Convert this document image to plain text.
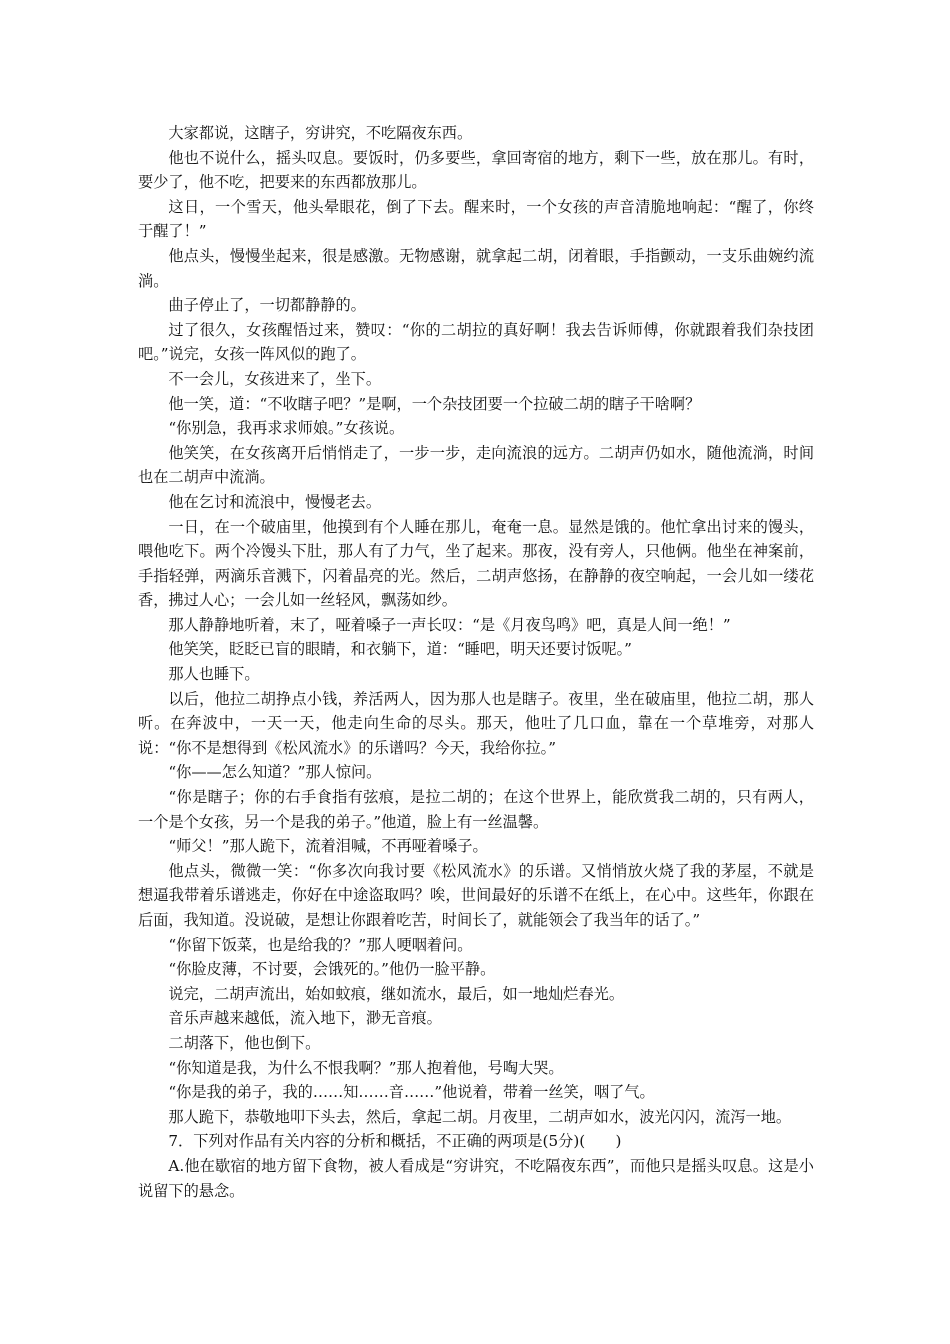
大家都说，这瞎子，穷讲究，不吃隔夜东西。

他也不说什么，摇头叹息。要饭时，仍多要些，拿回寄宿的地方，剩下一些，放在那儿。有时，要少了，他不吃，把要来的东西都放那儿。

这日，一个雪天，他头晕眼花，倒了下去。醒来时，一个女孩的声音清脆地响起：“醒了，你终于醒了！”

他点头，慢慢坐起来，很是感激。无物感谢，就拿起二胡，闭着眼，手指颤动，一支乐曲婉约流淌。

曲子停止了，一切都静静的。

过了很久，女孩醒悟过来，赞叹：“你的二胡拉的真好啊！我去告诉师傅，你就跟着我们杂技团吧。”说完，女孩一阵风似的跑了。

不一会儿，女孩进来了，坐下。

他一笑，道：“不收瞎子吧？”是啊，一个杂技团要一个拉破二胡的瞎子干啥啊？

“你别急，我再求求师娘。”女孩说。

他笑笑，在女孩离开后悄悄走了，一步一步，走向流浪的远方。二胡声仍如水，随他流淌，时间也在二胡声中流淌。

他在乞讨和流浪中，慢慢老去。

一日，在一个破庙里，他摸到有个人睡在那儿，奄奄一息。显然是饿的。他忙拿出讨来的馒头，喂他吃下。两个冷馒头下肚，那人有了力气，坐了起来。那夜，没有旁人，只他俩。他坐在神案前，手指轻弹，两滴乐音溅下，闪着晶亮的光。然后，二胡声悠扬，在静静的夜空响起，一会儿如一缕花香，拂过人心；一会儿如一丝轻风，飘荡如纱。

那人静静地听着，末了，哑着嗓子一声长叹：“是《月夜鸟鸣》吧，真是人间一绝！”

他笑笑，眨眨已盲的眼睛，和衣躺下，道：“睡吧，明天还要讨饭呢。”

那人也睡下。

以后，他拉二胡挣点小钱，养活两人，因为那人也是瞎子。夜里，坐在破庙里，他拉二胡，那人听。在奔波中，一天一天，他走向生命的尽头。那天，他吐了几口血，靠在一个草堆旁，对那人说：“你不是想得到《松风流水》的乐谱吗？今天，我给你拉。”

“你——怎么知道？”那人惊问。

“你是瞎子；你的右手食指有弦痕，是拉二胡的；在这个世界上，能欣赏我二胡的，只有两人，一个是个女孩，另一个是我的弟子。”他道，脸上有一丝温馨。

“师父！”那人跪下，流着泪喊，不再哑着嗓子。

他点头，微微一笑：“你多次向我讨要《松风流水》的乐谱。又悄悄放火烧了我的茅屋，不就是想逼我带着乐谱逃走，你好在中途盗取吗？唉，世间最好的乐谱不在纸上，在心中。这些年，你跟在后面，我知道。没说破，是想让你跟着吃苦，时间长了，就能领会了我当年的话了。”

“你留下饭菜，也是给我的？”那人哽咽着问。

“你脸皮薄，不讨要，会饿死的。”他仍一脸平静。

说完，二胡声流出，始如蚊痕，继如流水，最后，如一地灿烂春光。

音乐声越来越低，流入地下，渺无音痕。

二胡落下，他也倒下。

“你知道是我，为什么不恨我啊？”那人抱着他，号啕大哭。

“你是我的弟子，我的……知……音……”他说着，带着一丝笑，咽了气。

那人跪下，恭敬地叩下头去，然后，拿起二胡。月夜里，二胡声如水，波光闪闪，流泻一地。

7．下列对作品有关内容的分析和概括，不正确的两项是(5分)(　　)

A.他在歇宿的地方留下食物，被人看成是“穷讲究，不吃隔夜东西”，而他只是摇头叹息。这是小说留下的悬念。
